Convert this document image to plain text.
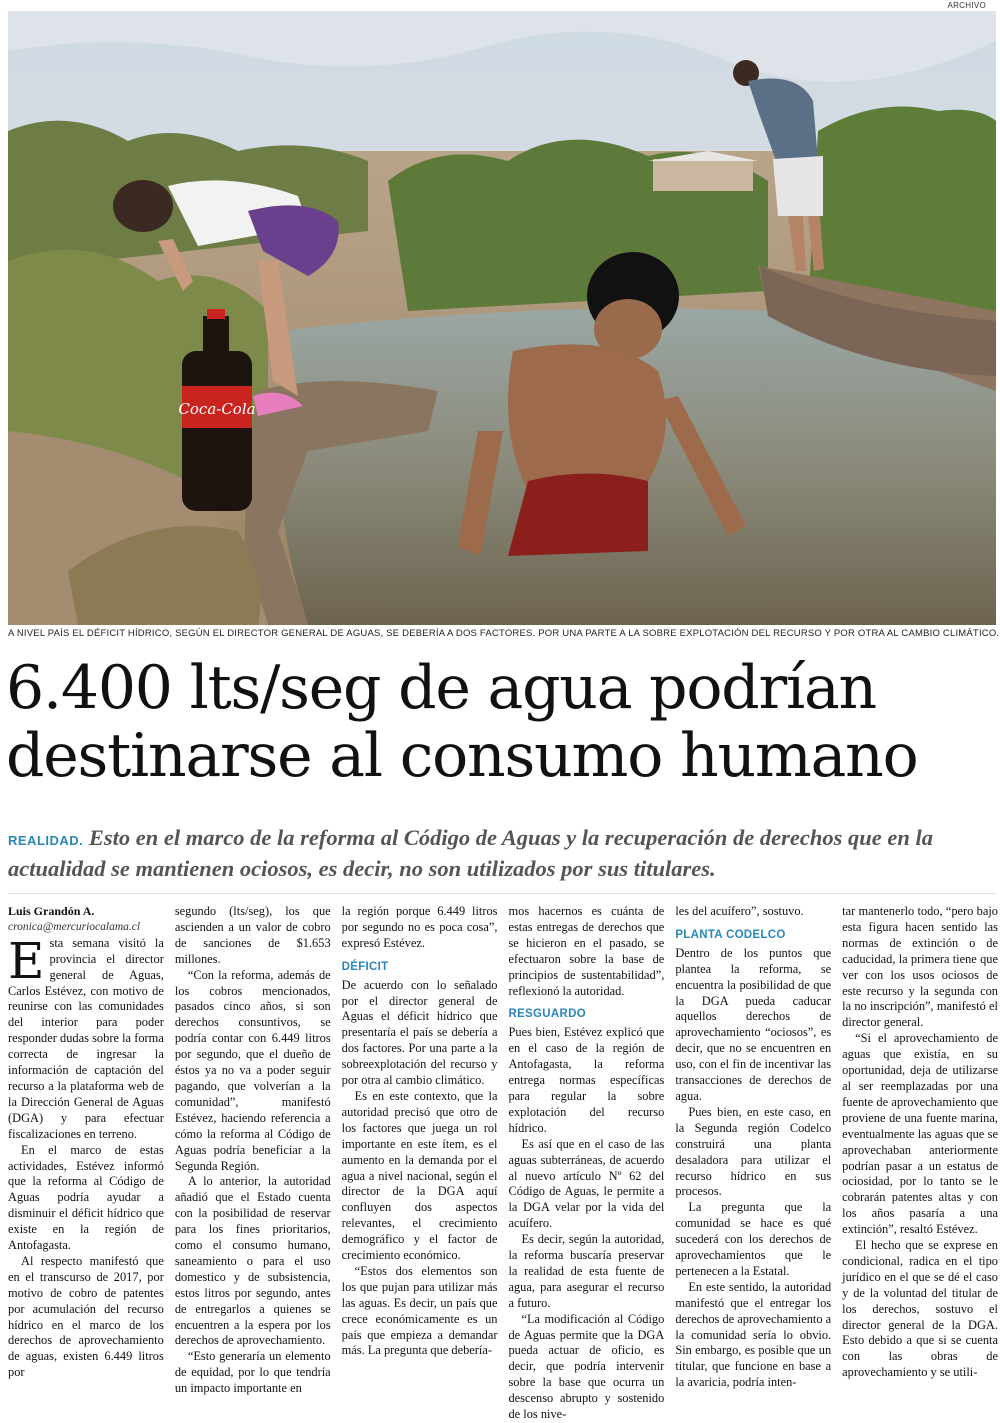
ARCHIVO
Coca-Cola
A NIVEL PAÍS EL DÉFICIT HÍDRICO, SEGÚN EL DIRECTOR GENERAL DE AGUAS, SE DEBERÍA A DOS FACTORES. POR UNA PARTE A LA SOBRE EXPLOTACIÓN DEL RECURSO Y POR OTRA AL CAMBIO CLIMÁTICO.
6.400 lts/seg de agua podrían
destinarse al consumo humano
REALIDAD. Esto en el marco de la reforma al Código de Aguas y la recuperación de derechos que en la actualidad se mantienen ociosos, es decir, no son utilizados por sus titulares.

Luis Grandón A.

cronica@mercuriocalama.cl

Esta semana visitó la provincia el director general de Aguas, Carlos Estévez, con motivo de reunirse con las comunidades del interior para poder responder dudas sobre la forma correcta de ingresar la información de captación del recurso a la plataforma web de la Dirección General de Aguas (DGA) y para efectuar fiscalizaciones en terreno.

En el marco de estas actividades, Estévez informó que la reforma al Código de Aguas podría ayudar a disminuir el déficit hídrico que existe en la región de Antofagasta.

Al respecto manifestó que en el transcurso de 2017, por motivo de cobro de patentes por acumulación del recurso hídrico en el marco de los derechos de aprovechamiento de aguas, existen 6.449 litros por

segundo (lts/seg), los que ascienden a un valor de cobro de sanciones de $1.653 millones.

“Con la reforma, además de los cobros mencionados, pasados cinco años, si son derechos consuntivos, se podría contar con 6.449 litros por segundo, que el dueño de éstos ya no va a poder seguir pagando, que volverían a la comunidad”, manifestó Estévez, haciendo referencia a cómo la reforma al Código de Aguas podría beneficiar a la Segunda Región.

A lo anterior, la autoridad añadió que el Estado cuenta con la posibilidad de reservar para los fines prioritarios, como el consumo humano, saneamiento o para el uso domestico y de subsistencia, estos litros por segundo, antes de entregarlos a quienes se encuentren a la espera por los derechos de aprovechamiento.

“Esto generaría un elemento de equidad, por lo que tendría un impacto importante en

la región porque 6.449 litros por segundo no es poca cosa”, expresó Estévez.

DÉFICIT

De acuerdo con lo señalado por el director general de Aguas el déficit hídrico que presentaría el país se debería a dos factores. Por una parte a la sobreexplotación del recurso y por otra al cambio climático.

Es en este contexto, que la autoridad precisó que otro de los factores que juega un rol importante en este ítem, es el aumento en la demanda por el agua a nivel nacional, según el director de la DGA aquí confluyen dos aspectos relevantes, el crecimiento demográfico y el factor de crecimiento económico.

“Estos dos elementos son los que pujan para utilizar más las aguas. Es decir, un país que crece económicamente es un país que empieza a demandar más. La pregunta que debería-

mos hacernos es cuánta de estas entregas de derechos que se hicieron en el pasado, se efectuaron sobre la base de principios de sustentabilidad”, reflexionó la autoridad.

RESGUARDO

Pues bien, Estévez explicó que en el caso de la región de Antofagasta, la reforma entrega normas específicas para regular la sobre explotación del recurso hídrico.

Es así que en el caso de las aguas subterráneas, de acuerdo al nuevo artículo Nº 62 del Código de Aguas, le permite a la DGA velar por la vida del acuífero.

Es decir, según la autoridad, la reforma buscaría preservar la realidad de esta fuente de agua, para asegurar el recurso a futuro.

“La modificación al Código de Aguas permite que la DGA pueda actuar de oficio, es decir, que podría intervenir sobre la base que ocurra un descenso abrupto y sostenido de los nive-

les del acuífero”, sostuvo.

PLANTA CODELCO

Dentro de los puntos que plantea la reforma, se encuentra la posibilidad de que la DGA pueda caducar aquellos derechos de aprovechamiento “ociosos”, es decir, que no se encuentren en uso, con el fin de incentivar las transacciones de derechos de agua.

Pues bien, en este caso, en la Segunda región Codelco construirá una planta desaladora para utilizar el recurso hídrico en sus procesos.

La pregunta que la comunidad se hace es qué sucederá con los derechos de aprovechamientos que le pertenecen a la Estatal.

En este sentido, la autoridad manifestó que el entregar los derechos de aprovechamiento a la comunidad sería lo obvio. Sin embargo, es posible que un titular, que funcione en base a la avaricia, podría inten-

tar mantenerlo todo, “pero bajo esta figura hacen sentido las normas de extinción o de caducidad, la primera tiene que ver con los usos ociosos de este recurso y la segunda con la no inscripción”, manifestó el director general.

“Si el aprovechamiento de aguas que existía, en su oportunidad, deja de utilizarse al ser reemplazadas por una fuente de aprovechamiento que proviene de una fuente marina, eventualmente las aguas que se aprovechaban anteriormente podrían pasar a un estatus de ociosidad, por lo tanto se le cobrarán patentes altas y con los años pasaría a una extinción”, resaltó Estévez.

El hecho que se exprese en condicional, radica en el tipo jurídico en el que se dé el caso y de la voluntad del titular de los derechos, sostuvo el director general de la DGA. Esto debido a que si se cuenta con las obras de aprovechamiento y se utili-
